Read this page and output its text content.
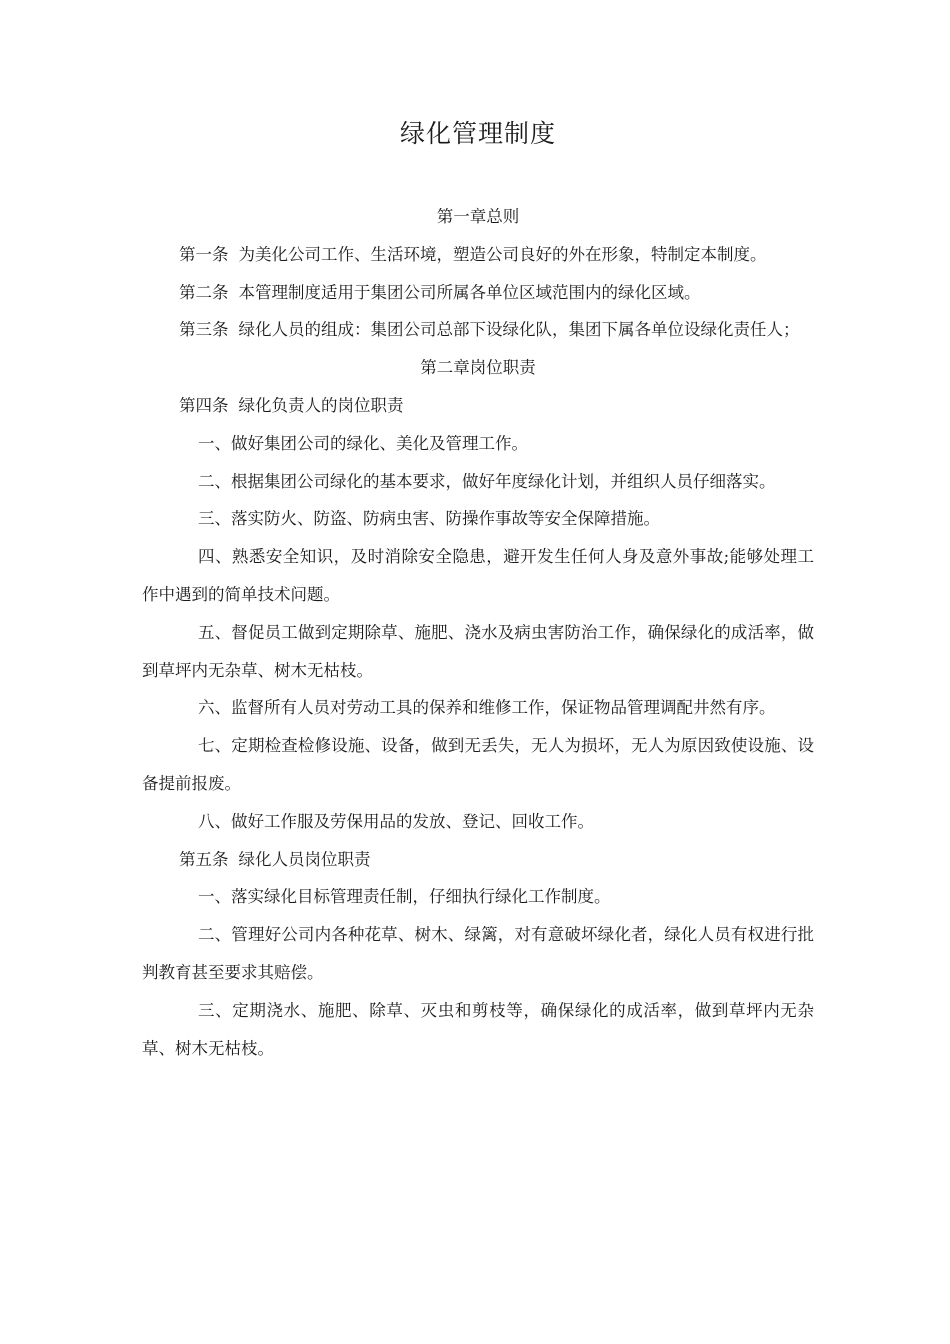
绿化管理制度
第一章总则

第一条 为美化公司工作、生活环境，塑造公司良好的外在形象，特制定本制度。

第二条 本管理制度适用于集团公司所属各单位区域范围内的绿化区域。

第三条 绿化人员的组成：集团公司总部下设绿化队，集团下属各单位设绿化责任人；

第二章岗位职责

第四条 绿化负责人的岗位职责

一、做好集团公司的绿化、美化及管理工作。

二、根据集团公司绿化的基本要求，做好年度绿化计划，并组织人员仔细落实。

三、落实防火、防盗、防病虫害、防操作事故等安全保障措施。

四、熟悉安全知识，及时消除安全隐患，避开发生任何人身及意外事故;能够处理工作中遇到的简单技术问题。

五、督促员工做到定期除草、施肥、浇水及病虫害防治工作，确保绿化的成活率，做到草坪内无杂草、树木无枯枝。

六、监督所有人员对劳动工具的保养和维修工作，保证物品管理调配井然有序。

七、定期检查检修设施、设备，做到无丢失，无人为损坏，无人为原因致使设施、设备提前报废。

八、做好工作服及劳保用品的发放、登记、回收工作。

第五条 绿化人员岗位职责

一、落实绿化目标管理责任制，仔细执行绿化工作制度。

二、管理好公司内各种花草、树木、绿篱，对有意破坏绿化者，绿化人员有权进行批判教育甚至要求其赔偿。

三、定期浇水、施肥、除草、灭虫和剪枝等，确保绿化的成活率，做到草坪内无杂草、树木无枯枝。
